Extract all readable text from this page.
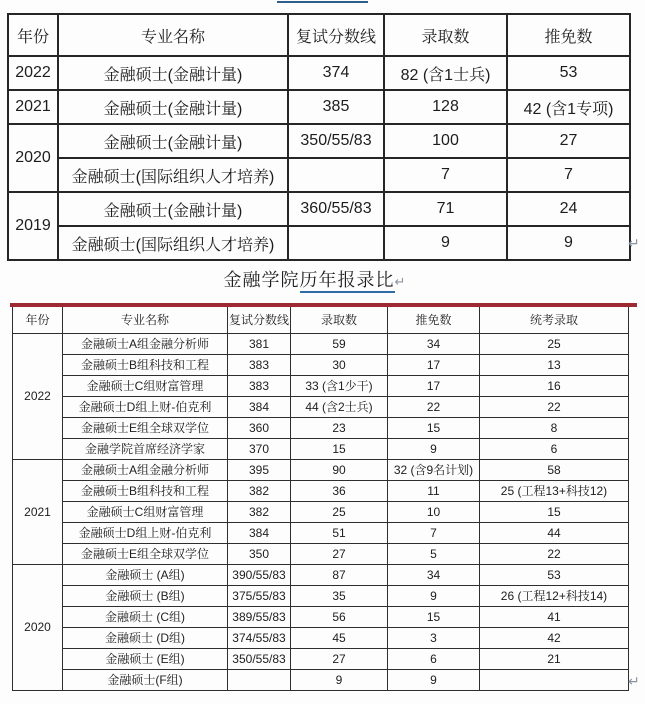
年份	专业名称	复试分数线	录取数	推免数
2022	金融硕士(金融计量)	374	82 (含1士兵)	53
2021	金融硕士(金融计量)	385	128	42 (含1专项)
2020	金融硕士(金融计量)	350/55/83	100	27
	金融硕士(国际组织人才培养)		7	7
2019	金融硕士(金融计量)	360/55/83	71	24
	金融硕士(国际组织人才培养)		9	9	↵
金融学院历年报录比↵
年份	专业名称	复试分数线	录取数	推免数	统考录取
2022	金融硕士A组金融分析师	381	59	34	25
	金融硕士B组科技和工程	383	30	17	13
	金融硕士C组财富管理	383	33 (含1少干)	17	16
	金融硕士D组上财-伯克利	384	44 (含2士兵)	22	22
	金融硕士E组全球双学位	360	23	15	8
	金融学院首席经济学家	370	15	9	6
2021	金融硕士A组金融分析师	395	90	32 (含9名计划)	58
	金融硕士B组科技和工程	382	36	11	25 (工程13+科技12)
	金融硕士C组财富管理	382	25	10	15
	金融硕士D组上财-伯克利	384	51	7	44
	金融硕士E组全球双学位	350	27	5	22
2020	金融硕士 (A组)	390/55/83	87	34	53
	金融硕士 (B组)	375/55/83	35	9	26 (工程12+科技14)
	金融硕士 (C组)	389/55/83	56	15	41
	金融硕士 (D组)	374/55/83	45	3	42
	金融硕士 (E组)	350/55/83	27	6	21
	金融硕士(F组)		9	9		↵
